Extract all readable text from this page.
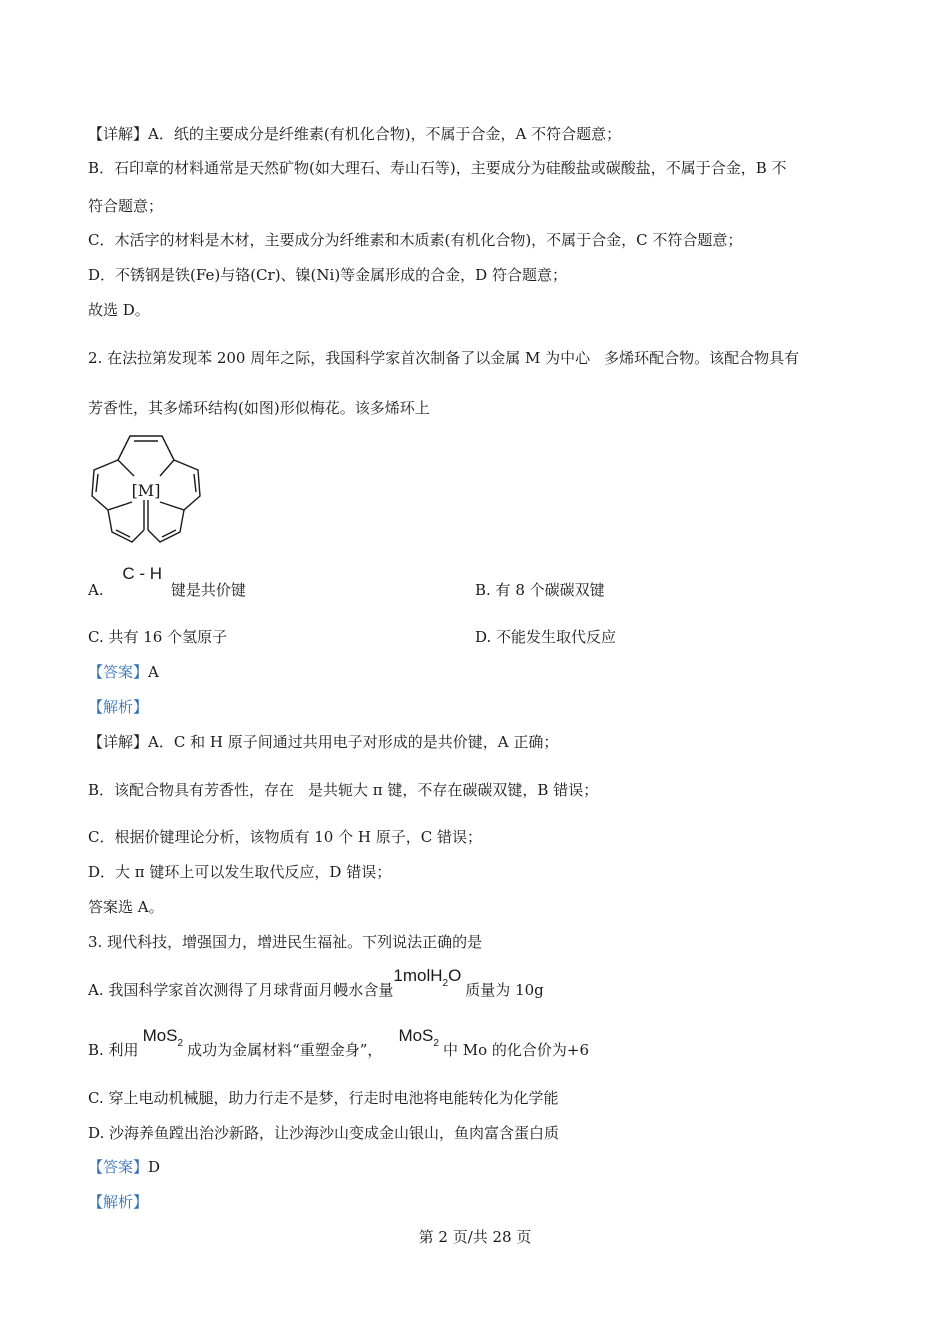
【详解】A．纸的主要成分是纤维素(有机化合物)，不属于合金，A 不符合题意；
B．石印章的材料通常是天然矿物(如大理石、寿山石等)，主要成分为硅酸盐或碳酸盐，不属于合金，B 不
符合题意；
C．木活字的材料是木材，主要成分为纤维素和木质素(有机化合物)，不属于合金，C 不符合题意；
D．不锈钢是铁(Fe)与铬(Cr)、镍(Ni)等金属形成的合金，D 符合题意；
故选 D。
2. 在法拉第发现苯 200 周年之际，我国科学家首次制备了以金属 M 为中心 多烯环配合物。该配合物具有
芳香性，其多烯环结构(如图)形似梅花。该多烯环上
[M]
A. C - H 键是共价键	B. 有 8 个碳碳双键
C. 共有 16 个氢原子	D. 不能发生取代反应
【答案】A
【解析】
【详解】A．C 和 H 原子间通过共用电子对形成的是共价键，A 正确；
B．该配合物具有芳香性，存在 是共轭大 π 键，不存在碳碳双键，B 错误；
C．根据价键理论分析，该物质有 10 个 H 原子，C 错误；
D．大 π 键环上可以发生取代反应，D 错误；
答案选 A。
3. 现代科技，增强国力，增进民生福祉。下列说法正确的是
A. 我国科学家首次测得了月球背面月幔水含量1molH$_2$O质量为 10g
B. 利用MoS$_2$ 成功为金属材料“重塑金身”，MoS$_2$ 中 Mo 的化合价为+6
C. 穿上电动机械腿，助力行走不是梦，行走时电池将电能转化为化学能
D. 沙海养鱼蹚出治沙新路，让沙海沙山变成金山银山，鱼肉富含蛋白质
【答案】D
【解析】
第 2 页/共 28 页
